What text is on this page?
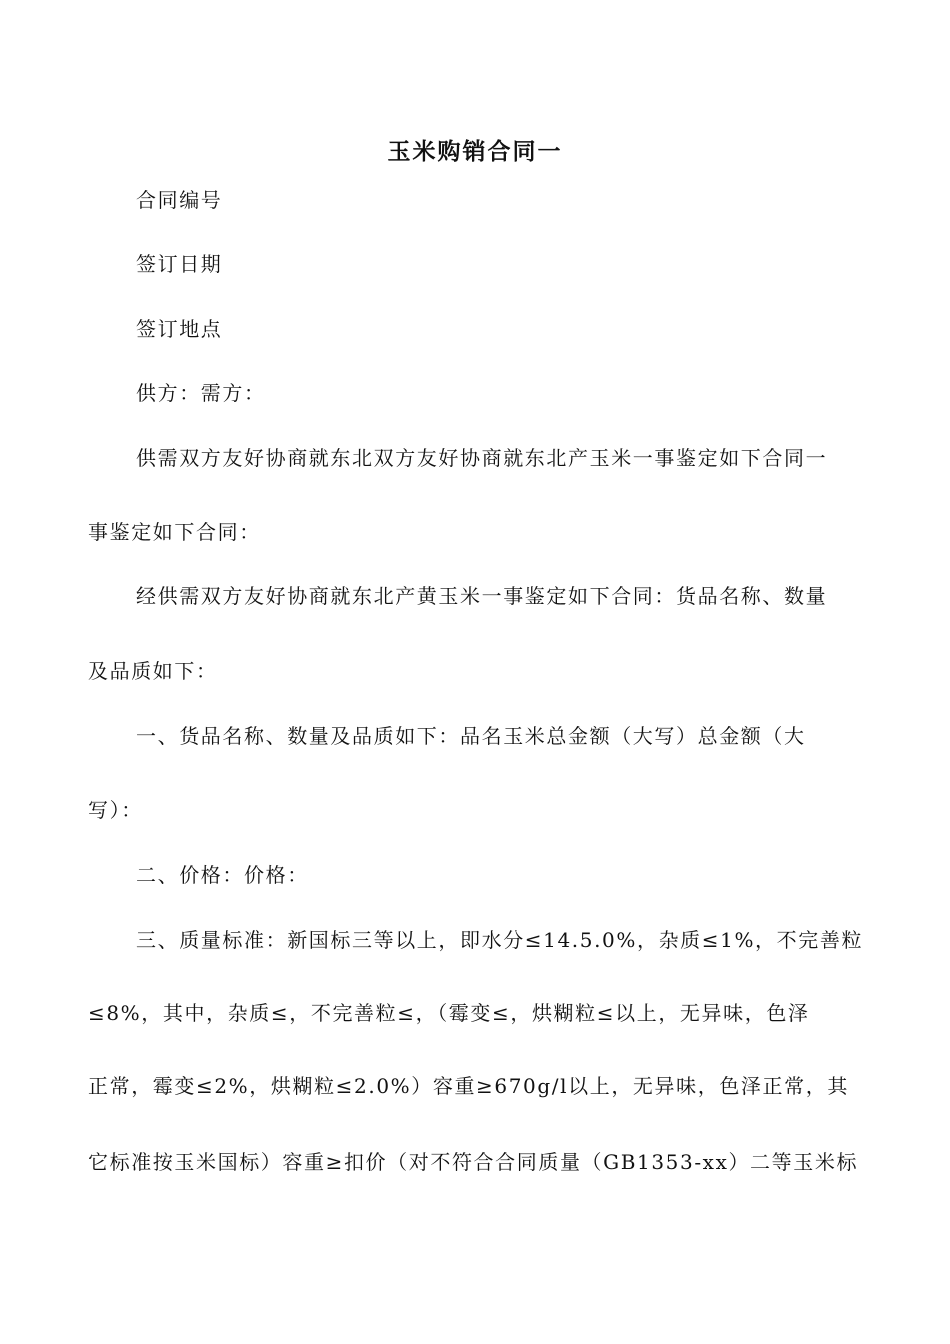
玉米购销合同一
合同编号
签订日期
签订地点
供方：需方：
供需双方友好协商就东北双方友好协商就东北产玉米一事鉴定如下合同一
事鉴定如下合同：
经供需双方友好协商就东北产黄玉米一事鉴定如下合同：货品名称、数量
及品质如下：
一、货品名称、数量及品质如下：品名玉米总金额（大写）总金额（大
写）：
二、价格：价格：
三、质量标准：新国标三等以上，即水分≤14.5.0%，杂质≤1%，不完善粒
≤8%，其中，杂质≤，不完善粒≤，（霉变≤，烘糊粒≤以上，无异味，色泽
正常，霉变≤2%，烘糊粒≤2.0%）容重≥670g/l以上，无异味，色泽正常，其
它标准按玉米国标）容重≥扣价（对不符合合同质量（GB1353-xx）二等玉米标
